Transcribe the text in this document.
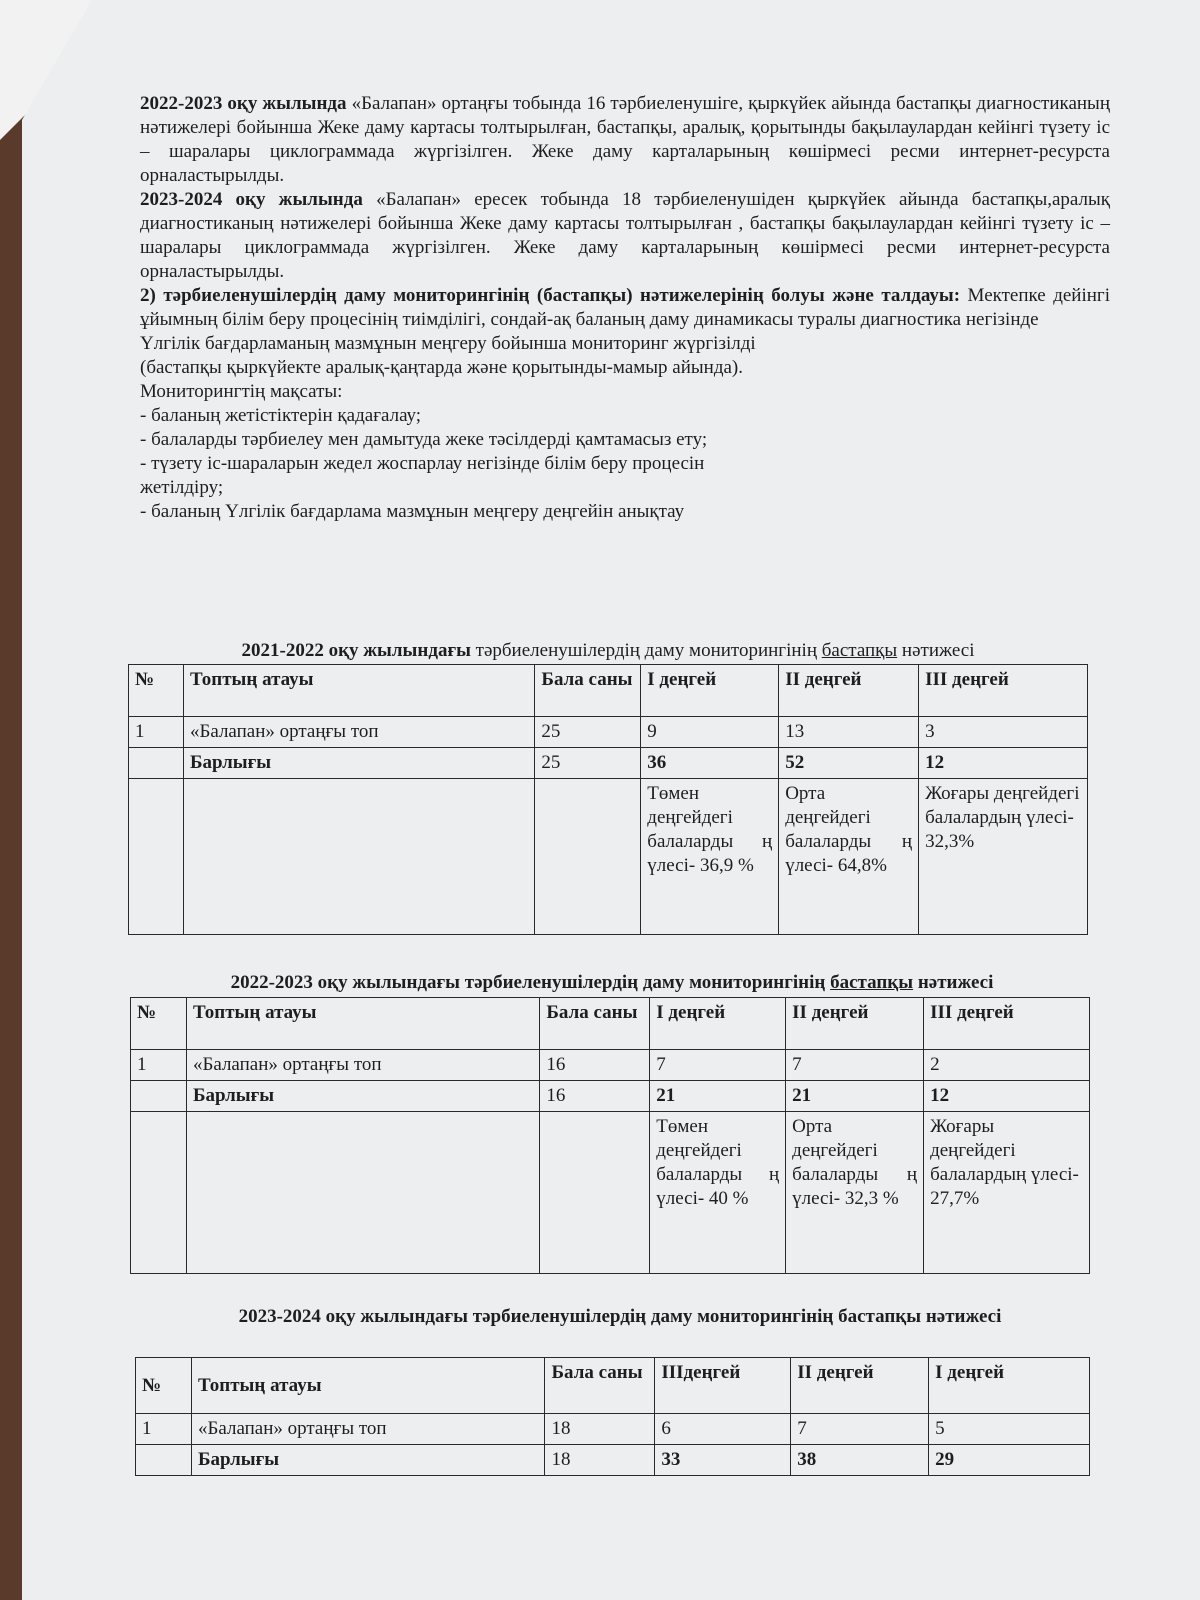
2022-2023 оқу жылында «Балапан» ортаңғы тобында 16 тәрбиеленушіге, қыркүйек айында бастапқы диагностиканың нәтижелері бойынша Жеке даму картасы толтырылған, бастапқы, аралық, қорытынды бақылаулардан кейінгі түзету іс – шаралары циклограммада жүргізілген. Жеке даму карталарының көшірмесі ресми интернет-ресурста орналастырылды.

2023-2024 оқу жылында «Балапан» ересек тобында 18 тәрбиеленушіден қыркүйек айында бастапқы,аралық диагностиканың нәтижелері бойынша Жеке даму картасы толтырылған , бастапқы бақылаулардан кейінгі түзету іс – шаралары циклограммада жүргізілген. Жеке даму карталарының көшірмесі ресми интернет-ресурста орналастырылды.

2) тәрбиеленушілердің даму мониторингінің (бастапқы) нәтижелерінің болуы және талдауы: Мектепке дейінгі ұйымның білім беру процесінің тиімділігі, сондай-ақ баланың даму динамикасы туралы диагностика негізінде

Үлгілік бағдарламаның мазмұнын меңгеру бойынша мониторинг жүргізілді

(бастапқы қыркүйекте аралық-қаңтарда және қорытынды-мамыр айында).

Мониторингтің мақсаты:

- баланың жетістіктерін қадағалау;
- балаларды тәрбиелеу мен дамытуда жеке тәсілдерді қамтамасыз ету;
- түзету іс-шараларын жедел жоспарлау негізінде білім беру процесін
жетілдіру;
- баланың Үлгілік бағдарлама мазмұнын меңгеру деңгейін анықтау

2021-2022 оқу жылындағы тәрбиеленушілердің даму мониторингінің бастапқы нәтижесі

№	Топтың атауы	Бала саны	І деңгей	ІІ деңгей	ІІІ деңгей
1	«Балапан» ортаңғы топ	25	9	13	3
	Барлығы	25	36	52	12
			Төмен деңгейдегі балаларды ң үлесі- 36,9 %	Орта деңгейдегі балаларды ң үлесі- 64,8%	Жоғары деңгейдегі балалардың үлесі- 32,3%

2022-2023 оқу жылындағы тәрбиеленушілердің даму мониторингінің бастапқы нәтижесі

№	Топтың атауы	Бала саны	І деңгей	ІІ деңгей	ІІІ деңгей
1	«Балапан» ортаңғы топ	16	7	7	2
	Барлығы	16	21	21	12
			Төмен деңгейдегі балаларды ң үлесі- 40 %	Орта деңгейдегі балаларды ң үлесі- 32,3 %	Жоғары деңгейдегі балалардың үлесі- 27,7%

2023-2024 оқу жылындағы тәрбиеленушілердің даму мониторингінің бастапқы нәтижесі

№	Топтың атауы	Бала саны	ІІІдеңгей	ІІ деңгей	І деңгей
1	«Балапан» ортаңғы топ	18	6	7	5
	Барлығы	18	33	38	29
